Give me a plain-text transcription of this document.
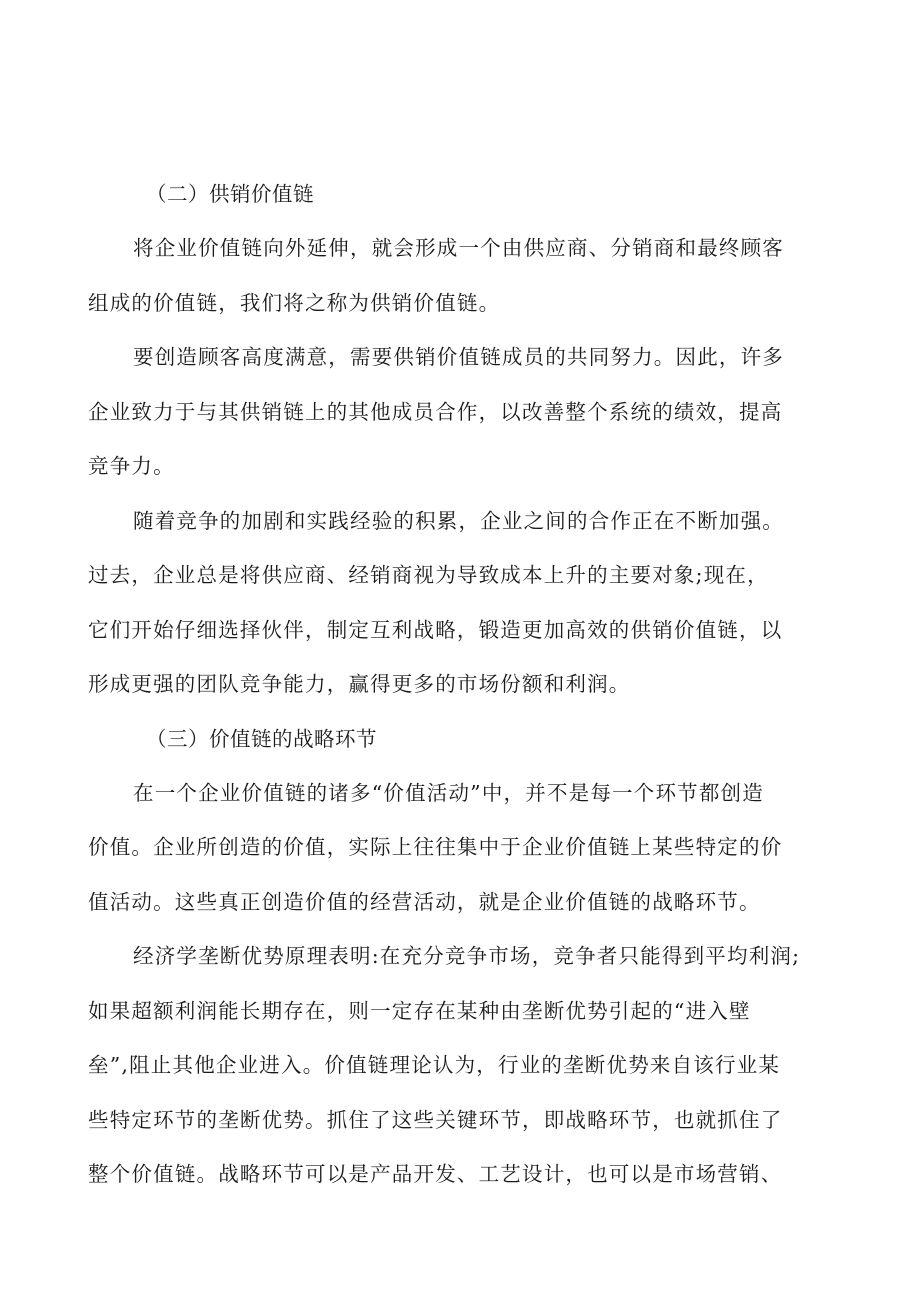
（二）供销价值链

将企业价值链向外延伸，就会形成一个由供应商、分销商和最终顾客
组成的价值链，我们将之称为供销价值链。

要创造顾客高度满意，需要供销价值链成员的共同努力。因此，许多
企业致力于与其供销链上的其他成员合作，以改善整个系统的绩效，提高
竞争力。

随着竞争的加剧和实践经验的积累，企业之间的合作正在不断加强。
过去，企业总是将供应商、经销商视为导致成本上升的主要对象;现在，
它们开始仔细选择伙伴，制定互利战略，锻造更加高效的供销价值链，以
形成更强的团队竞争能力，赢得更多的市场份额和利润。

（三）价值链的战略环节

在一个企业价值链的诸多“价值活动”中，并不是每一个环节都创造
价值。企业所创造的价值，实际上往往集中于企业价值链上某些特定的价
值活动。这些真正创造价值的经营活动，就是企业价值链的战略环节。

经济学垄断优势原理表明:在充分竞争市场，竞争者只能得到平均利润;
如果超额利润能长期存在，则一定存在某种由垄断优势引起的“进入壁
垒”,阻止其他企业进入。价值链理论认为，行业的垄断优势来自该行业某
些特定环节的垄断优势。抓住了这些关键环节，即战略环节，也就抓住了
整个价值链。战略环节可以是产品开发、工艺设计，也可以是市场营销、
